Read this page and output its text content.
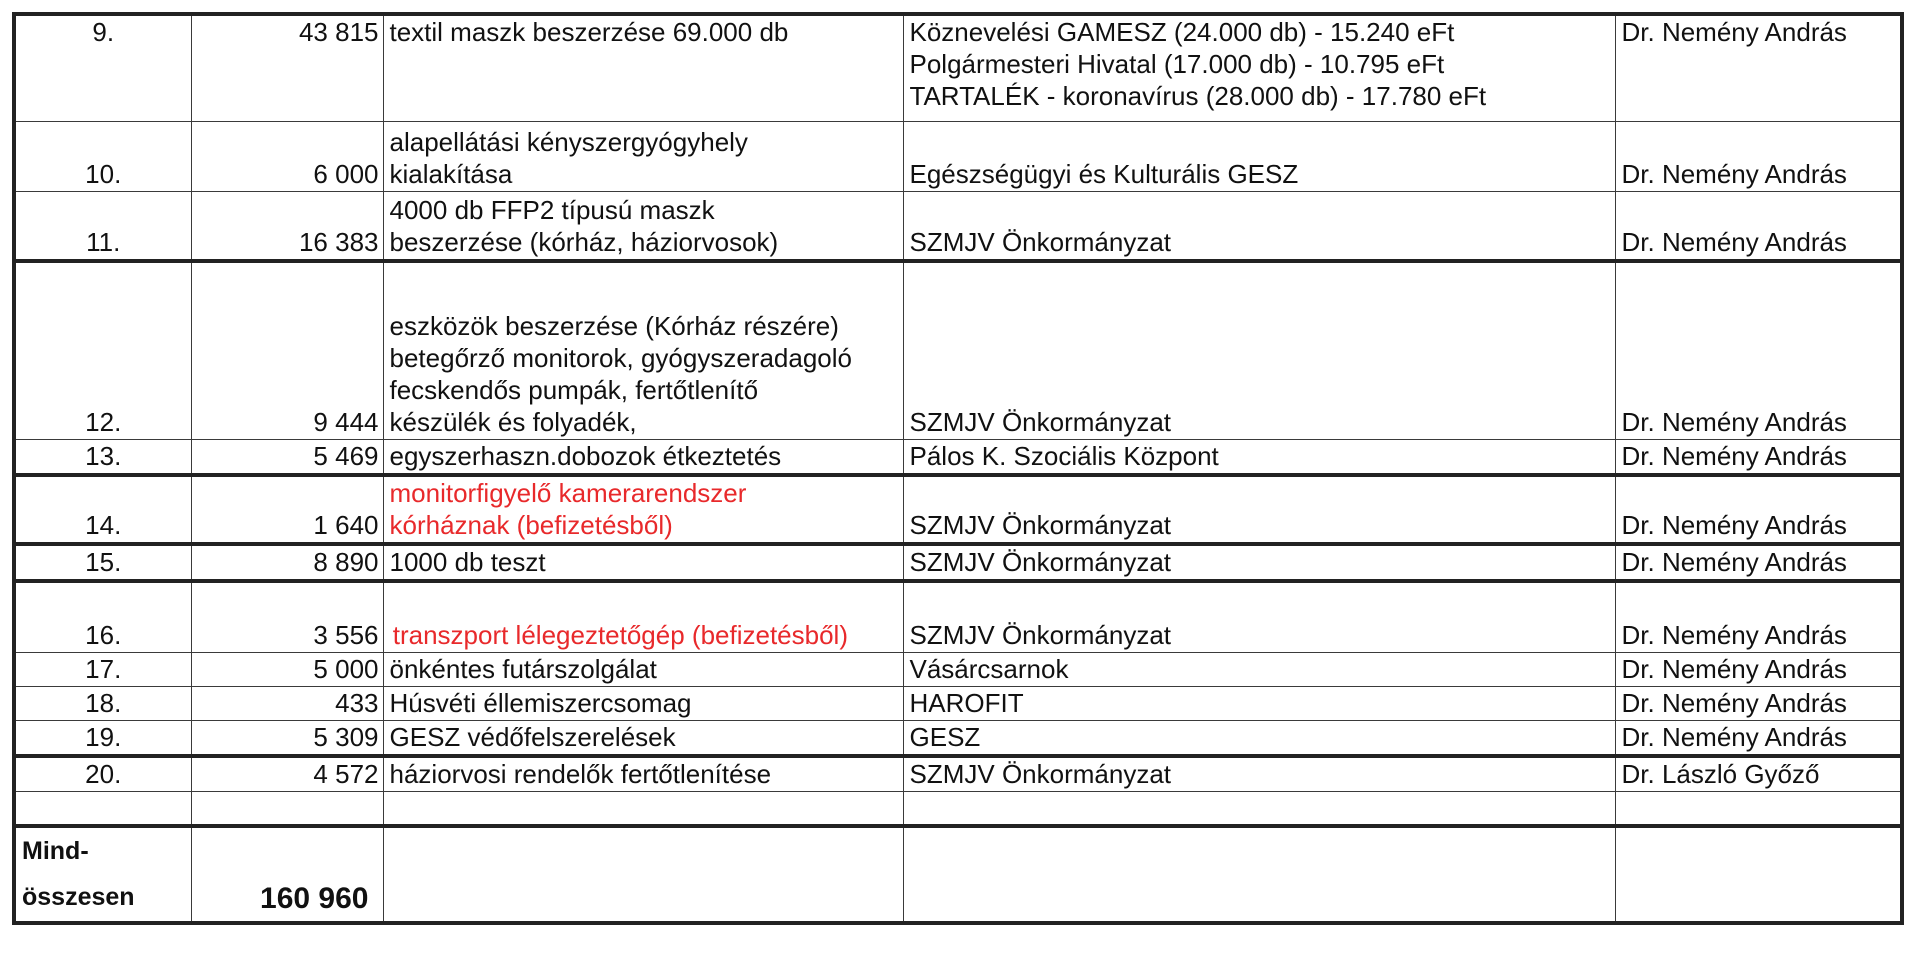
9.	43 815	textil maszk beszerzése 69.000 db	Köznevelési GAMESZ (24.000 db) - 15.240 eFt
Polgármesteri Hivatal (17.000 db) - 10.795 eFt
TARTALÉK - koronavírus (28.000 db) - 17.780 eFt	Dr. Nemény András
10.	6 000	alapellátási kényszergyógyhely
kialakítása	Egészségügyi és Kulturális GESZ	Dr. Nemény András
11.	16 383	4000 db FFP2 típusú maszk
beszerzése (kórház, háziorvosok)	SZMJV Önkormányzat	Dr. Nemény András
12.	9 444	eszközök beszerzése (Kórház részére)
betegőrző monitorok, gyógyszeradagoló
fecskendős pumpák, fertőtlenítő
készülék és folyadék,	SZMJV Önkormányzat	Dr. Nemény András
13.	5 469	egyszerhaszn.dobozok étkeztetés	Pálos K. Szociális Központ	Dr. Nemény András
14.	1 640	monitorfigyelő kamerarendszer
kórháznak (befizetésből)	SZMJV Önkormányzat	Dr. Nemény András
15.	8 890	1000 db teszt	SZMJV Önkormányzat	Dr. Nemény András
16.	3 556	transzport lélegeztetőgép (befizetésből)	SZMJV Önkormányzat	Dr. Nemény András
17.	5 000	önkéntes futárszolgálat	Vásárcsarnok	Dr. Nemény András
18.	433	Húsvéti éllemiszercsomag	HAROFIT	Dr. Nemény András
19.	5 309	GESZ védőfelszerelések	GESZ	Dr. Nemény András
20.	4 572	háziorvosi rendelők fertőtlenítése	SZMJV Önkormányzat	Dr. László Győző

Mind-
összesen	160 960			
